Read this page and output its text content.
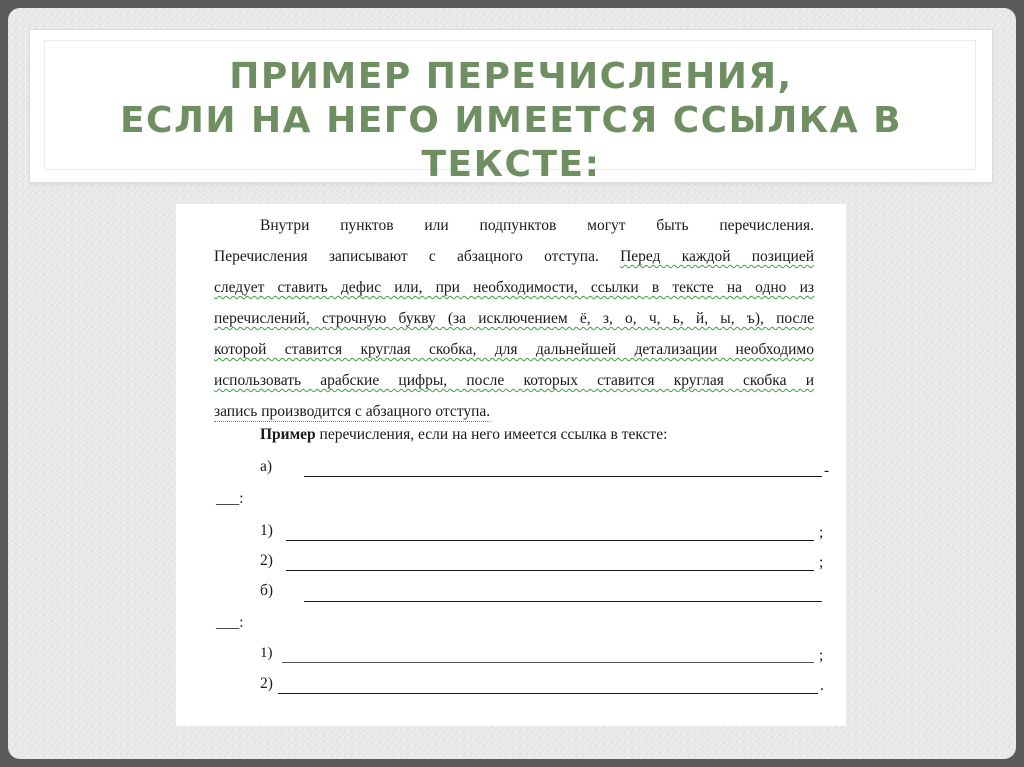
ПРИМЕР ПЕРЕЧИСЛЕНИЯ,
ЕСЛИ НА НЕГО ИМЕЕТСЯ ССЫЛКА В
ТЕКСТЕ:
Внутри пунктов или подпунктов могут быть перечисления.
Перечисления записывают с абзацного отступа. Перед каждой позицией
следует ставить дефис или, при необходимости, ссылки в тексте на одно из
перечислений, строчную букву (за исключением ё, з, о, ч, ь, й, ы, ъ), после
которой ставится круглая скобка, для дальнейшей детализации необходимо
использовать арабские цифры, после которых ставится круглая скобка и
запись производится с абзацного отступа.
Пример перечисления, если на него имеется ссылка в тексте:
а)	-
___:
1)	;
2)	;
б)
___:
1)	;
2)	.
